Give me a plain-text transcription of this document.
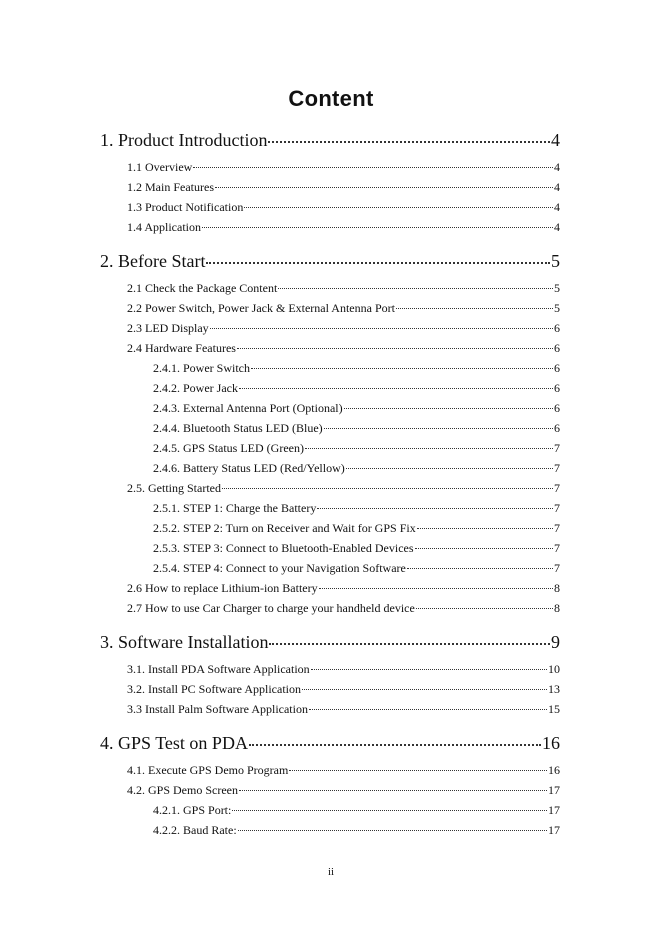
Content
1. Product Introduction	4
1.1 Overview	4
1.2 Main Features	4
1.3 Product Notification	4
1.4 Application	4
2. Before Start	5
2.1 Check the Package Content	5
2.2 Power Switch, Power Jack & External Antenna Port	5
2.3 LED Display	6
2.4 Hardware Features	6
2.4.1. Power Switch	6
2.4.2. Power Jack	6
2.4.3. External Antenna Port (Optional)	6
2.4.4. Bluetooth Status LED (Blue)	6
2.4.5. GPS Status LED (Green)	7
2.4.6. Battery Status LED (Red/Yellow)	7
2.5. Getting Started	7
2.5.1. STEP 1: Charge the Battery	7
2.5.2. STEP 2: Turn on Receiver and Wait for GPS Fix	7
2.5.3. STEP 3: Connect to Bluetooth-Enabled Devices	7
2.5.4. STEP 4: Connect to your Navigation Software	7
2.6 How to replace Lithium-ion Battery	8
2.7 How to use Car Charger to charge your handheld device	8
3. Software Installation	9
3.1. Install PDA Software Application	10
3.2. Install PC Software Application	13
3.3 Install Palm Software Application	15
4. GPS Test on PDA	16
4.1. Execute GPS Demo Program	16
4.2. GPS Demo Screen	17
4.2.1. GPS Port:	17
4.2.2. Baud Rate:	17
ii
